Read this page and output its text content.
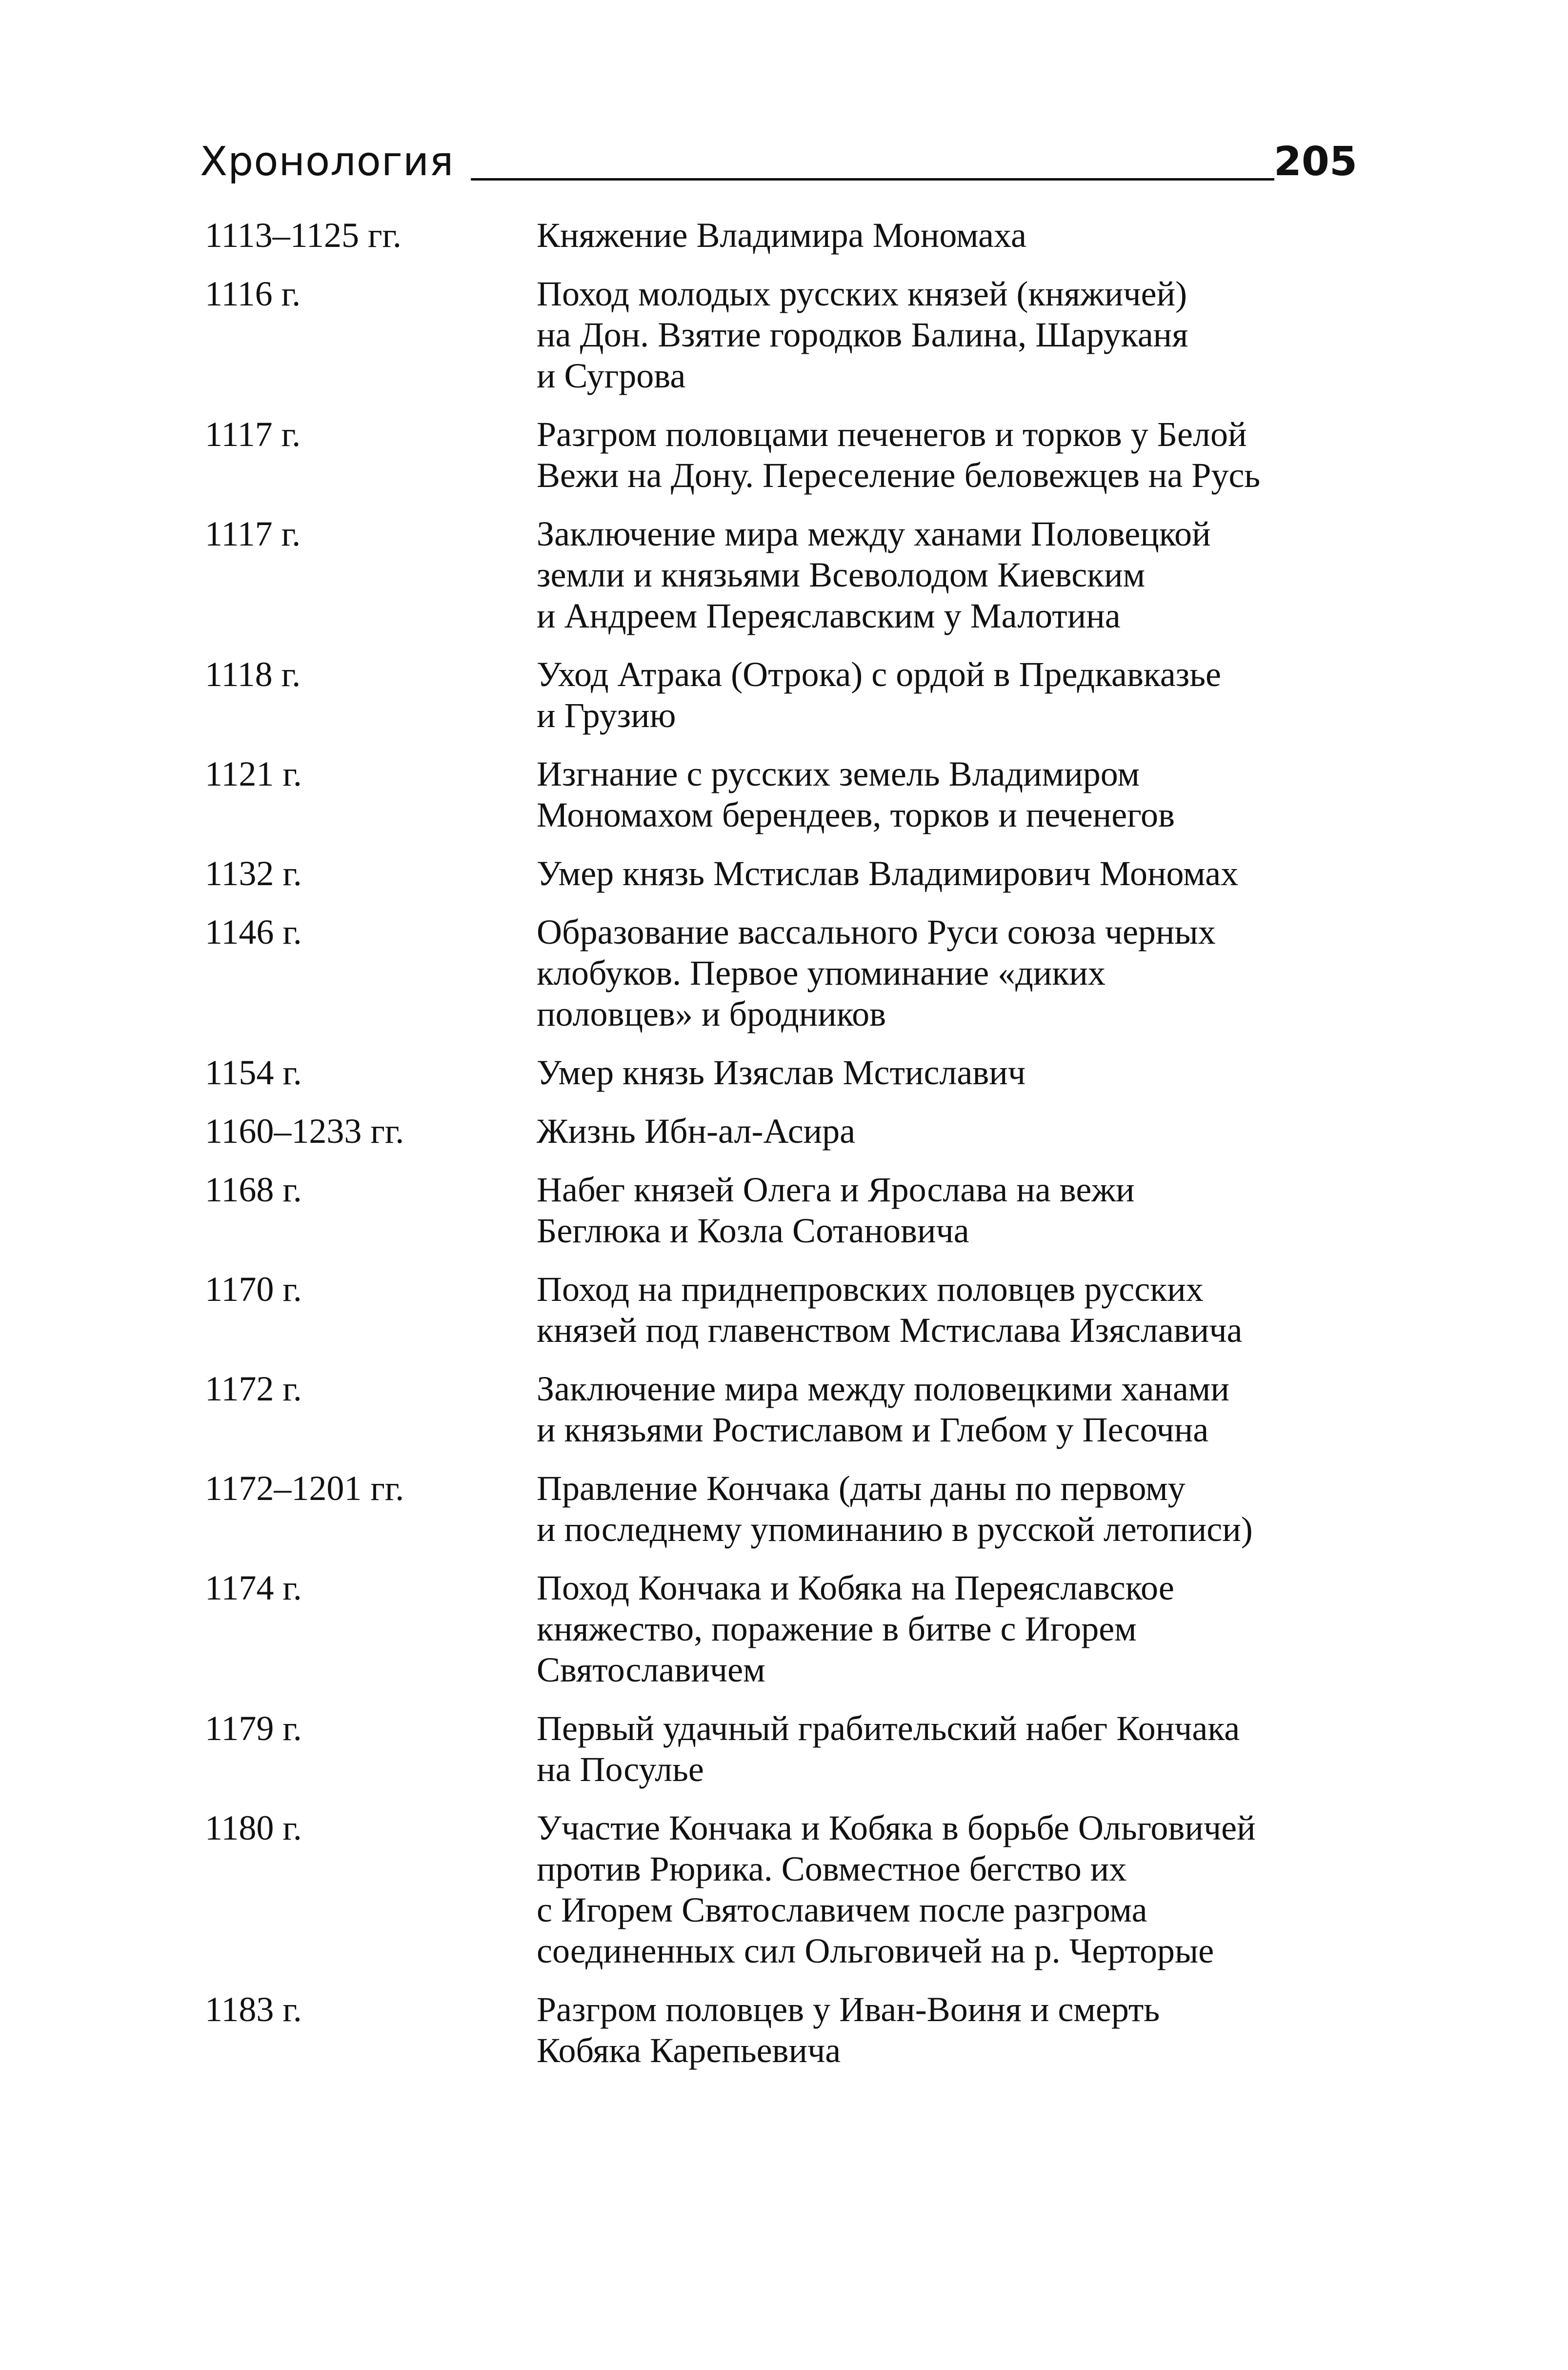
Хронология	205
1113–1125 гг.	Княжение Владимира Мономаха
1116 г.	Поход молодых русских князей (княжичей)
на Дон. Взятие городков Балина, Шаруканя
и Сугрова
1117 г.	Разгром половцами печенегов и торков у Белой
Вежи на Дону. Переселение беловежцев на Русь
1117 г.	Заключение мира между ханами Половецкой
земли и князьями Всеволодом Киевским
и Андреем Переяславским у Малотина
1118 г.	Уход Атрака (Отрока) с ордой в Предкавказье
и Грузию
1121 г.	Изгнание с русских земель Владимиром
Мономахом берендеев, торков и печенегов
1132 г.	Умер князь Мстислав Владимирович Мономах
1146 г.	Образование вассального Руси союза черных
клобуков. Первое упоминание «диких
половцев» и бродников
1154 г.	Умер князь Изяслав Мстиславич
1160–1233 гг.	Жизнь Ибн-ал-Асира
1168 г.	Набег князей Олега и Ярослава на вежи
Беглюка и Козла Сотановича
1170 г.	Поход на приднепровских половцев русских
князей под главенством Мстислава Изяславича
1172 г.	Заключение мира между половецкими ханами
и князьями Ростиславом и Глебом у Песочна
1172–1201 гг.	Правление Кончака (даты даны по первому
и последнему упоминанию в русской летописи)
1174 г.	Поход Кончака и Кобяка на Переяславское
княжество, поражение в битве с Игорем
Святославичем
1179 г.	Первый удачный грабительский набег Кончака
на Посулье
1180 г.	Участие Кончака и Кобяка в борьбе Ольговичей
против Рюрика. Совместное бегство их
с Игорем Святославичем после разгрома
соединенных сил Ольговичей на р. Черторые
1183 г.	Разгром половцев у Иван-Воиня и смерть
Кобяка Карепьевича
